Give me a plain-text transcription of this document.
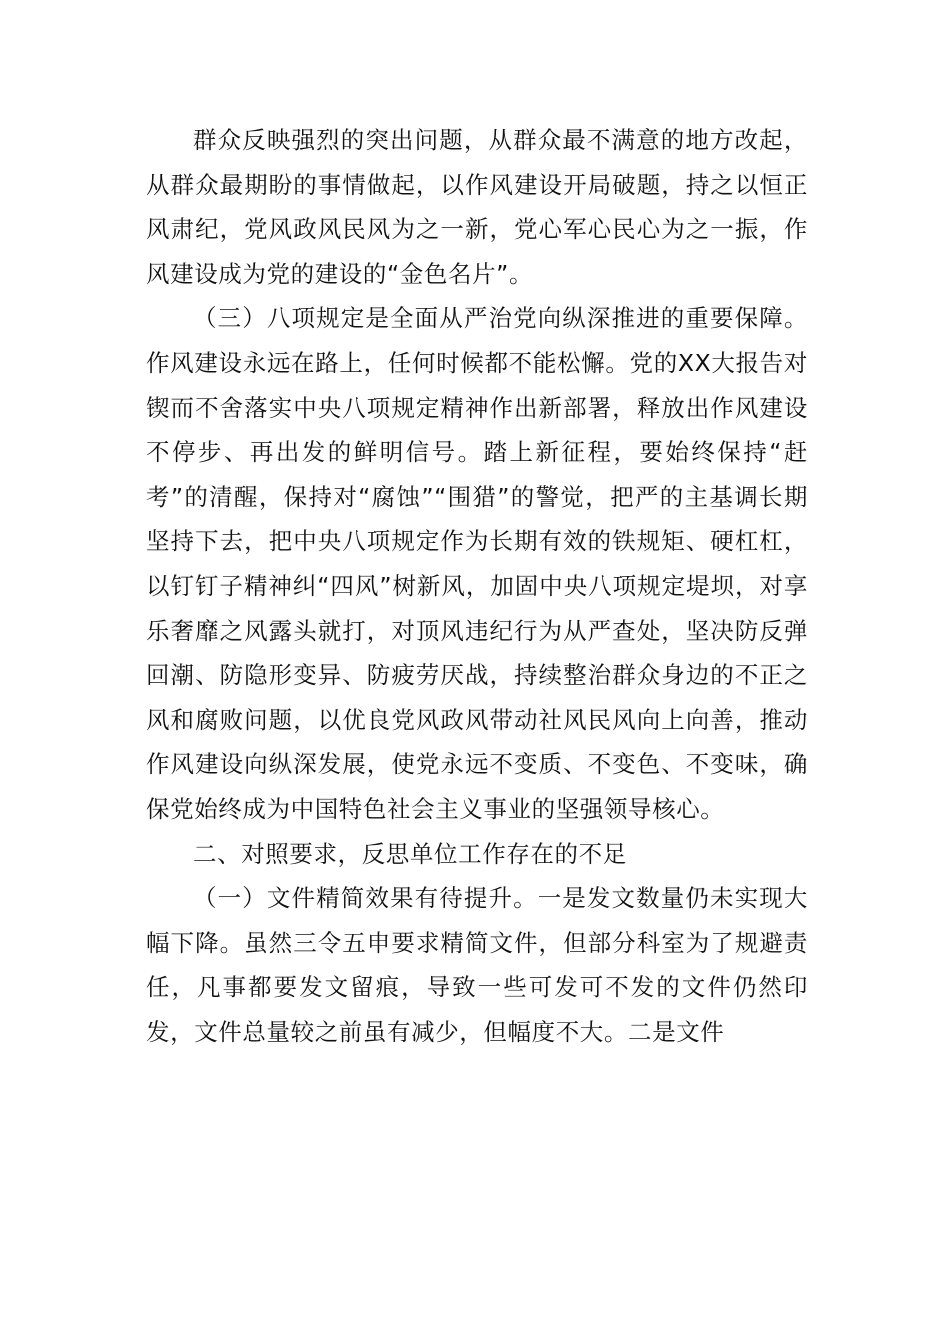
群众反映强烈的突出问题，从群众最不满意的地方改起，从群众最期盼的事情做起，以作风建设开局破题，持之以恒正风肃纪，党风政风民风为之一新，党心军心民心为之一振，作风建设成为党的建设的“金色名片”。

（三）八项规定是全面从严治党向纵深推进的重要保障。作风建设永远在路上，任何时候都不能松懈。党的XX大报告对锲而不舍落实中央八项规定精神作出新部署，释放出作风建设不停步、再出发的鲜明信号。踏上新征程，要始终保持“赶考”的清醒，保持对“腐蚀”“围猎”的警觉，把严的主基调长期坚持下去，把中央八项规定作为长期有效的铁规矩、硬杠杠，以钉钉子精神纠“四风”树新风，加固中央八项规定堤坝，对享乐奢靡之风露头就打，对顶风违纪行为从严查处，坚决防反弹回潮、防隐形变异、防疲劳厌战，持续整治群众身边的不正之风和腐败问题，以优良党风政风带动社风民风向上向善，推动作风建设向纵深发展，使党永远不变质、不变色、不变味，确保党始终成为中国特色社会主义事业的坚强领导核心。

二、对照要求，反思单位工作存在的不足

（一）文件精简效果有待提升。一是发文数量仍未实现大幅下降。虽然三令五申要求精简文件，但部分科室为了规避责任，凡事都要发文留痕，导致一些可发可不发的文件仍然印发，文件总量较之前虽有减少，但幅度不大。二是文件
